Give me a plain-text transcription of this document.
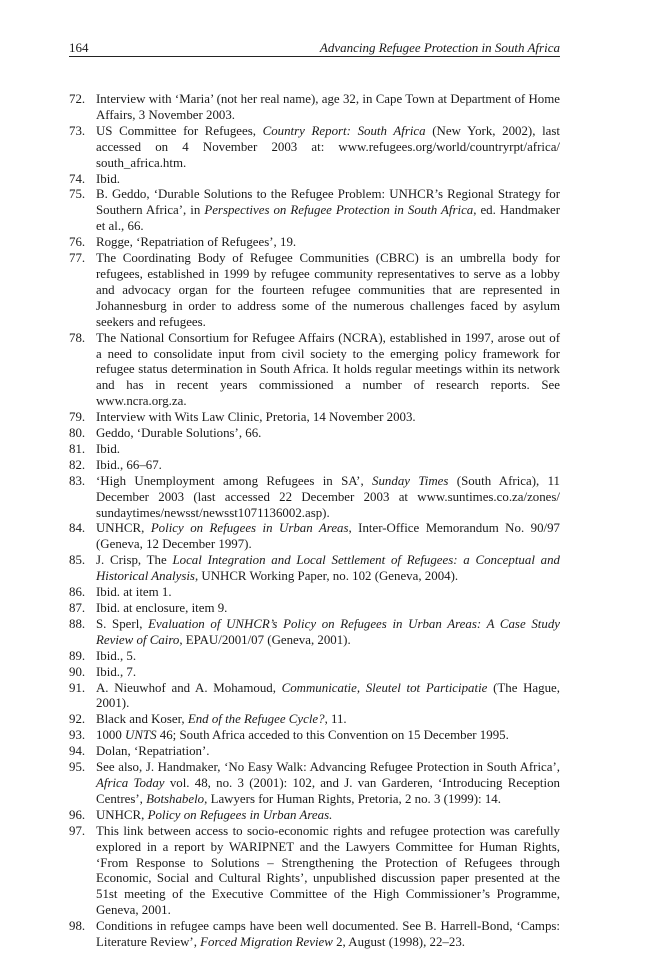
164	Advancing Refugee Protection in South Africa
72. Interview with ‘Maria’ (not her real name), age 32, in Cape Town at Department of Home Affairs, 3 November 2003.
73. US Committee for Refugees, Country Report: South Africa (New York, 2002), last accessed on 4 November 2003 at: www.refugees.org/world/countryrpt/africa/ south_africa.htm.
74. Ibid.
75. B. Geddo, ‘Durable Solutions to the Refugee Problem: UNHCR’s Regional Strategy for Southern Africa’, in Perspectives on Refugee Protection in South Africa, ed. Handmaker et al., 66.
76. Rogge, ‘Repatriation of Refugees’, 19.
77. The Coordinating Body of Refugee Communities (CBRC) is an umbrella body for refugees, established in 1999 by refugee community representatives to serve as a lobby and advocacy organ for the fourteen refugee communities that are represented in Johannesburg in order to address some of the numerous challenges faced by asylum seekers and refugees.
78. The National Consortium for Refugee Affairs (NCRA), established in 1997, arose out of a need to consolidate input from civil society to the emerging policy framework for refugee status determination in South Africa. It holds regular meetings within its network and has in recent years commissioned a number of research reports. See www.ncra.org.za.
79. Interview with Wits Law Clinic, Pretoria, 14 November 2003.
80. Geddo, ‘Durable Solutions’, 66.
81. Ibid.
82. Ibid., 66–67.
83. ‘High Unemployment among Refugees in SA’, Sunday Times (South Africa), 11 December 2003 (last accessed 22 December 2003 at www.suntimes.co.za/zones/ sundaytimes/newsst/newsst1071136002.asp).
84. UNHCR, Policy on Refugees in Urban Areas, Inter-Office Memorandum No. 90/97 (Geneva, 12 December 1997).
85. J. Crisp, The Local Integration and Local Settlement of Refugees: a Conceptual and Historical Analysis, UNHCR Working Paper, no. 102 (Geneva, 2004).
86. Ibid. at item 1.
87. Ibid. at enclosure, item 9.
88. S. Sperl, Evaluation of UNHCR’s Policy on Refugees in Urban Areas: A Case Study Review of Cairo, EPAU/2001/07 (Geneva, 2001).
89. Ibid., 5.
90. Ibid., 7.
91. A. Nieuwhof and A. Mohamoud, Communicatie, Sleutel tot Participatie (The Hague, 2001).
92. Black and Koser, End of the Refugee Cycle?, 11.
93. 1000 UNTS 46; South Africa acceded to this Convention on 15 December 1995.
94. Dolan, ‘Repatriation’.
95. See also, J. Handmaker, ‘No Easy Walk: Advancing Refugee Protection in South Africa’, Africa Today vol. 48, no. 3 (2001): 102, and J. van Garderen, ‘Introducing Reception Centres’, Botshabelo, Lawyers for Human Rights, Pretoria, 2 no. 3 (1999): 14.
96. UNHCR, Policy on Refugees in Urban Areas.
97. This link between access to socio-economic rights and refugee protection was carefully explored in a report by WARIPNET and the Lawyers Committee for Human Rights, ‘From Response to Solutions – Strengthening the Protection of Refugees through Economic, Social and Cultural Rights’, unpublished discussion paper presented at the 51st meeting of the Executive Committee of the High Commissioner’s Programme, Geneva, 2001.
98. Conditions in refugee camps have been well documented. See B. Harrell-Bond, ‘Camps: Literature Review’, Forced Migration Review 2, August (1998), 22–23.
